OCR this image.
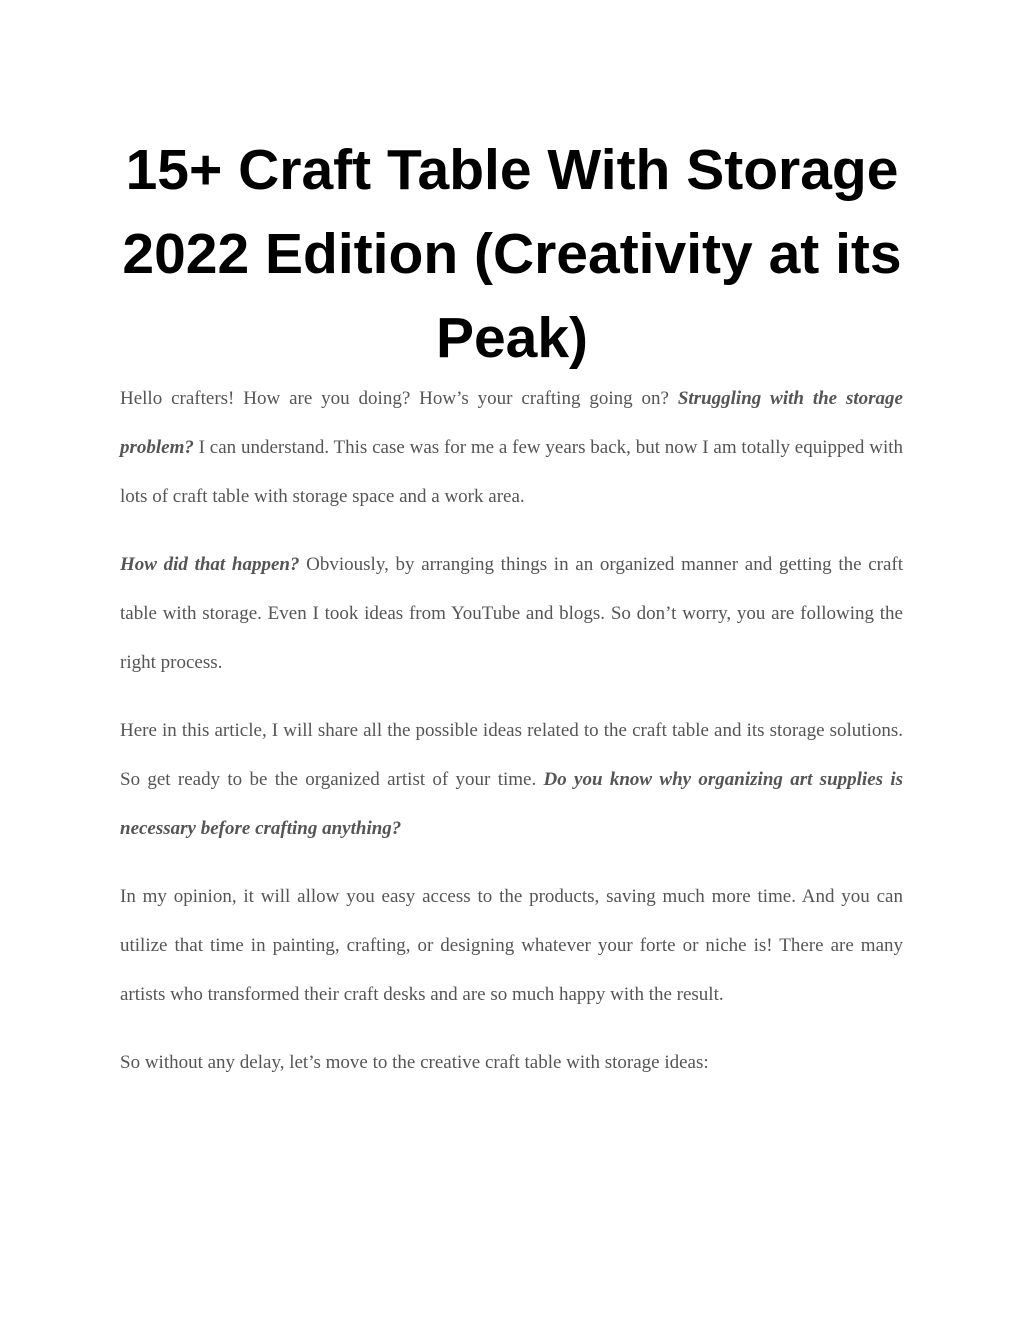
15+ Craft Table With Storage 2022 Edition (Creativity at its Peak)

Hello crafters! How are you doing? How’s your crafting going on? Struggling with the storage problem? I can understand. This case was for me a few years back, but now I am totally equipped with lots of craft table with storage space and a work area.

How did that happen? Obviously, by arranging things in an organized manner and getting the craft table with storage. Even I took ideas from YouTube and blogs. So don’t worry, you are following the right process.

Here in this article, I will share all the possible ideas related to the craft table and its storage solutions. So get ready to be the organized artist of your time. Do you know why organizing art supplies is necessary before crafting anything?

In my opinion, it will allow you easy access to the products, saving much more time. And you can utilize that time in painting, crafting, or designing whatever your forte or niche is! There are many artists who transformed their craft desks and are so much happy with the result.

So without any delay, let’s move to the creative craft table with storage ideas:
